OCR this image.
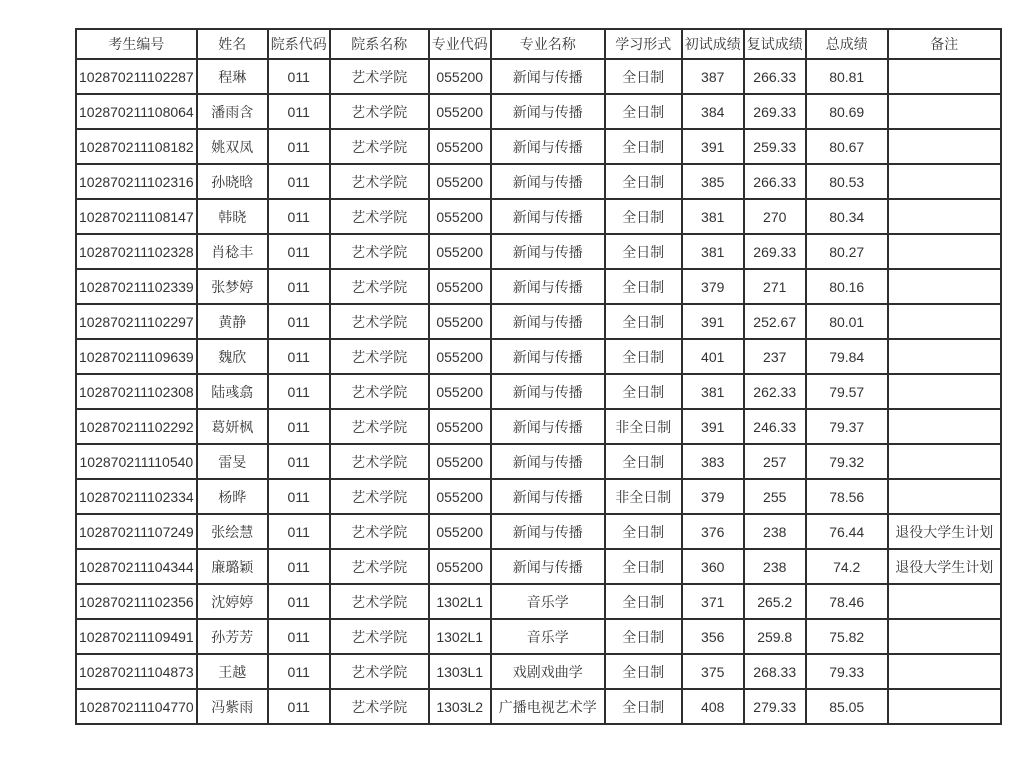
考生编号	姓名	院系代码	院系名称	专业代码	专业名称	学习形式	初试成绩	复试成绩	总成绩	备注
102870211102287	程琳	011	艺术学院	055200	新闻与传播	全日制	387	266.33	80.81	
102870211108064	潘雨含	011	艺术学院	055200	新闻与传播	全日制	384	269.33	80.69	
102870211108182	姚双凤	011	艺术学院	055200	新闻与传播	全日制	391	259.33	80.67	
102870211102316	孙晓晗	011	艺术学院	055200	新闻与传播	全日制	385	266.33	80.53	
102870211108147	韩晓	011	艺术学院	055200	新闻与传播	全日制	381	270	80.34	
102870211102328	肖稔丰	011	艺术学院	055200	新闻与传播	全日制	381	269.33	80.27	
102870211102339	张梦婷	011	艺术学院	055200	新闻与传播	全日制	379	271	80.16	
102870211102297	黄静	011	艺术学院	055200	新闻与传播	全日制	391	252.67	80.01	
102870211109639	魏欣	011	艺术学院	055200	新闻与传播	全日制	401	237	79.84	
102870211102308	陆彧翕	011	艺术学院	055200	新闻与传播	全日制	381	262.33	79.57	
102870211102292	葛妍枫	011	艺术学院	055200	新闻与传播	非全日制	391	246.33	79.37	
102870211110540	雷旻	011	艺术学院	055200	新闻与传播	全日制	383	257	79.32	
102870211102334	杨晔	011	艺术学院	055200	新闻与传播	非全日制	379	255	78.56	
102870211107249	张绘慧	011	艺术学院	055200	新闻与传播	全日制	376	238	76.44	退役大学生计划
102870211104344	廉璐颖	011	艺术学院	055200	新闻与传播	全日制	360	238	74.2	退役大学生计划
102870211102356	沈婷婷	011	艺术学院	1302L1	音乐学	全日制	371	265.2	78.46	
102870211109491	孙芳芳	011	艺术学院	1302L1	音乐学	全日制	356	259.8	75.82	
102870211104873	王越	011	艺术学院	1303L1	戏剧戏曲学	全日制	375	268.33	79.33	
102870211104770	冯紫雨	011	艺术学院	1303L2	广播电视艺术学	全日制	408	279.33	85.05	
